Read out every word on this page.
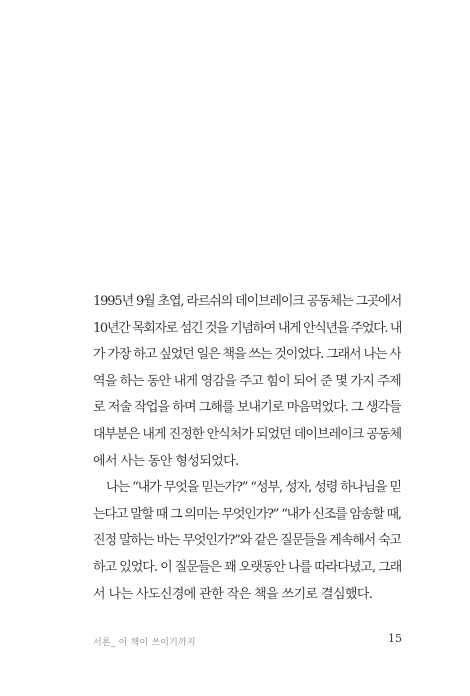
1995년 9월 초엽, 라르쉬의 데이브레이크 공동체는 그곳에서
10년간 목회자로 섬긴 것을 기념하여 내게 안식년을 주었다. 내
가 가장 하고 싶었던 일은 책을 쓰는 것이었다. 그래서 나는 사
역을 하는 동안 내게 영감을 주고 힘이 되어 준 몇 가지 주제
로 저술 작업을 하며 그해를 보내기로 마음먹었다. 그 생각들
대부분은 내게 진정한 안식처가 되었던 데이브레이크 공동체
에서 사는 동안 형성되었다.
나는 “내가 무엇을 믿는가?” “성부, 성자, 성령 하나님을 믿
는다고 말할 때 그 의미는 무엇인가?” “내가 신조를 암송할 때,
진정 말하는 바는 무엇인가?”와 같은 질문들을 계속해서 숙고
하고 있었다. 이 질문들은 꽤 오랫동안 나를 따라다녔고, 그래
서 나는 사도신경에 관한 작은 책을 쓰기로 결심했다.
서론_ 이 책이 쓰이기까지	15
